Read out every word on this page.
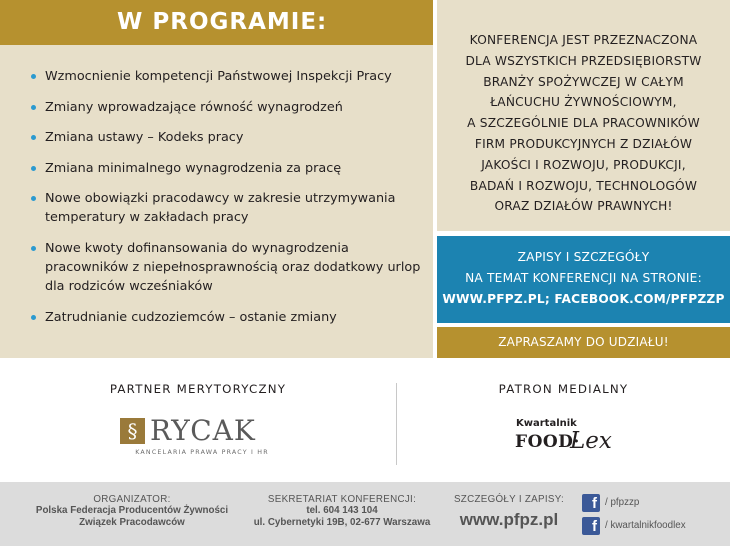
W PROGRAMIE:
Wzmocnienie kompetencji Państwowej Inspekcji Pracy
Zmiany wprowadzające równość wynagrodzeń
Zmiana ustawy – Kodeks pracy
Zmiana minimalnego wynagrodzenia za pracę
Nowe obowiązki pracodawcy w zakresie utrzymywania temperatury w zakładach pracy
Nowe kwoty dofinansowania do wynagrodzenia pracowników z niepełnosprawnością oraz dodatkowy urlop dla rodziców wcześniaków
Zatrudnianie cudzoziemców – ostanie zmiany
KONFERENCJA JEST PRZEZNACZONA
DLA WSZYSTKICH PRZEDSIĘBIORSTW
BRANŻY SPOŻYWCZEJ W CAŁYM
ŁAŃCUCHU ŻYWNOŚCIOWYM,
A SZCZEGÓLNIE DLA PRACOWNIKÓW
FIRM PRODUKCYJNYCH Z DZIAŁÓW
JAKOŚCI I ROZWOJU, PRODUKCJI,
BADAŃ I ROZWOJU, TECHNOLOGÓW
ORAZ DZIAŁÓW PRAWNYCH!
ZAPISY I SZCZEGÓŁY
NA TEMAT KONFERENCJI NA STRONIE:
WWW.PFPZ.PL; FACEBOOK.COM/PFPZZP
ZAPRASZAMY DO UDZIAŁU!
PARTNER MERYTORYCZNY	PATRON MEDIALNY
§ RYCAK
KANCELARIA PRAWA PRACY I HR
Kwartalnik
FOOD·
Lex
ORGANIZATOR:
Polska Federacja Producentów Żywności
Związek Pracodawców
SEKRETARIAT KONFERENCJI:
tel. 604 143 104
ul. Cybernetyki 19B, 02-677 Warszawa
SZCZEGÓŁY I ZAPISY:
www.pfpz.pl
f / pfpzzp
f / kwartalnikfoodlex
